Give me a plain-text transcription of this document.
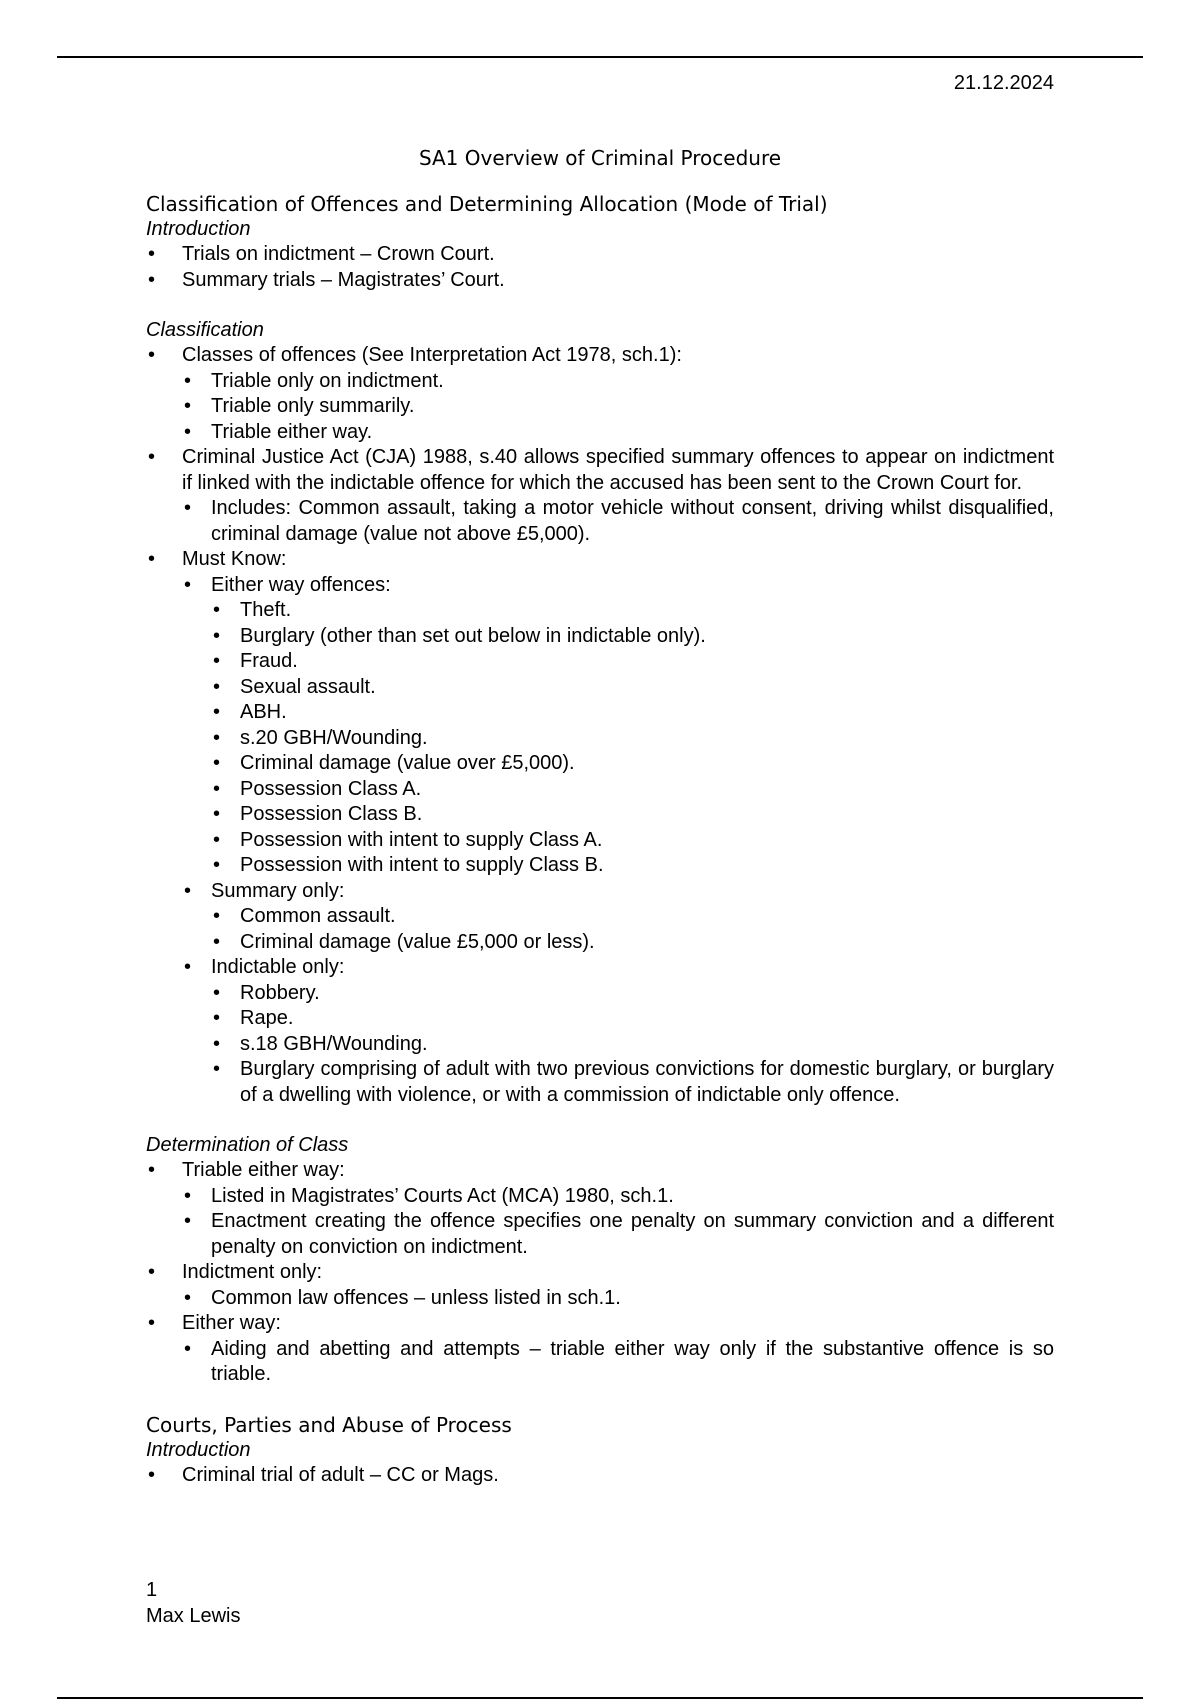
21.12.2024
SA1 Overview of Criminal Procedure
Classification of Offences and Determining Allocation (Mode of Trial)
Introduction
• Trials on indictment – Crown Court.
• Summary trials – Magistrates’ Court.
Classification
• Classes of offences (See Interpretation Act 1978, sch.1):
• Triable only on indictment.
• Triable only summarily.
• Triable either way.
• Criminal Justice Act (CJA) 1988, s.40 allows specified summary offences to appear on indictment if linked with the indictable offence for which the accused has been sent to the Crown Court for.
• Includes: Common assault, taking a motor vehicle without consent, driving whilst disqualified, criminal damage (value not above £5,000).
• Must Know:
• Either way offences:
• Theft.
• Burglary (other than set out below in indictable only).
• Fraud.
• Sexual assault.
• ABH.
• s.20 GBH/Wounding.
• Criminal damage (value over £5,000).
• Possession Class A.
• Possession Class B.
• Possession with intent to supply Class A.
• Possession with intent to supply Class B.
• Summary only:
• Common assault.
• Criminal damage (value £5,000 or less).
• Indictable only:
• Robbery.
• Rape.
• s.18 GBH/Wounding.
• Burglary comprising of adult with two previous convictions for domestic burglary, or burglary of a dwelling with violence, or with a commission of indictable only offence.
Determination of Class
• Triable either way:
• Listed in Magistrates’ Courts Act (MCA) 1980, sch.1.
• Enactment creating the offence specifies one penalty on summary conviction and a different penalty on conviction on indictment.
• Indictment only:
• Common law offences – unless listed in sch.1.
• Either way:
• Aiding and abetting and attempts – triable either way only if the substantive offence is so triable.
Courts, Parties and Abuse of Process
Introduction
• Criminal trial of adult – CC or Mags.
1
Max Lewis
